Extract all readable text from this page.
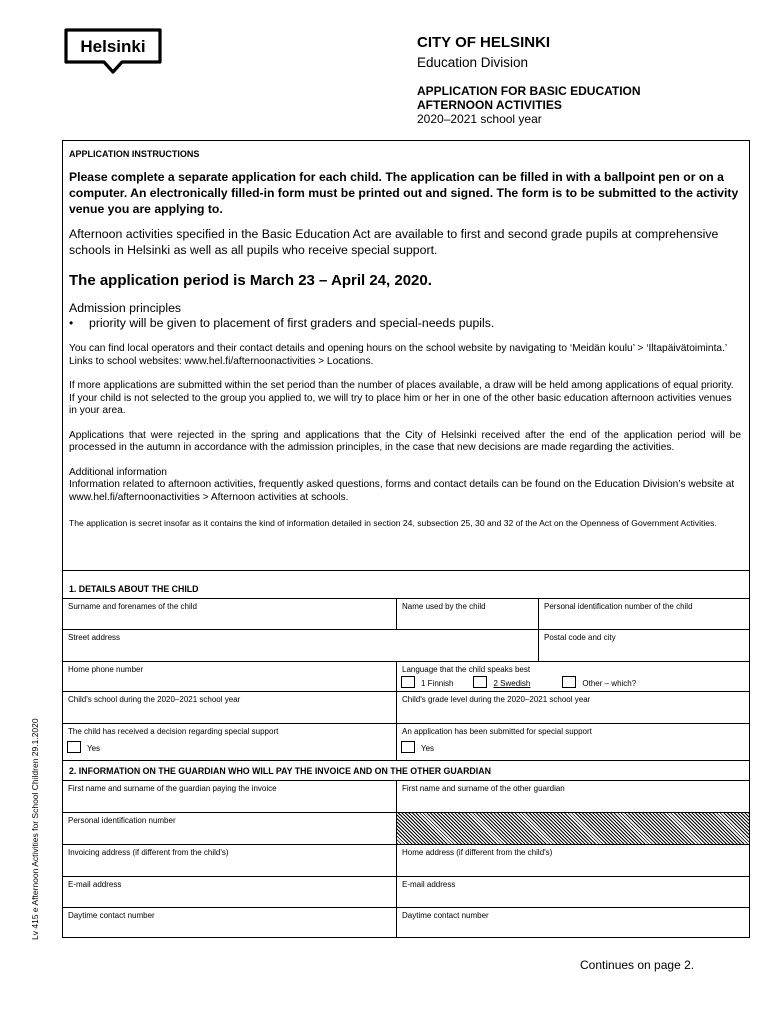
Helsinki	CITY OF HELSINKI
Education Division
APPLICATION FOR BASIC EDUCATION
AFTERNOON ACTIVITIES
2020–2021 school year
Lv 415 e Afternoon Activities for School Children 29.1.2020
APPLICATION INSTRUCTIONS
Please complete a separate application for each child. The application can be filled in with a ballpoint pen or on a computer. An electronically filled-in form must be printed out and signed. The form is to be submitted to the activity venue you are applying to.
Afternoon activities specified in the Basic Education Act are available to first and second grade pupils at comprehensive schools in Helsinki as well as all pupils who receive special support.
The application period is March 23 – April 24, 2020.
Admission principles
•	priority will be given to placement of first graders and special-needs pupils.
You can find local operators and their contact details and opening hours on the school website by navigating to ‘Meidän koulu’ > ‘Iltapäivätoiminta.’ Links to school websites: www.hel.fi/afternoonactivities > Locations.
If more applications are submitted within the set period than the number of places available, a draw will be held among applications of equal priority. If your child is not selected to the group you applied to, we will try to place him or her in one of the other basic education afternoon activities venues in your area.
Applications that were rejected in the spring and applications that the City of Helsinki received after the end of the application period will be processed in the autumn in accordance with the admission principles, in the case that new decisions are made regarding the activities.
Additional information
Information related to afternoon activities, frequently asked questions, forms and contact details can be found on the Education Division’s website at www.hel.fi/afternoonactivities > Afternoon activities at schools.
The application is secret insofar as it contains the kind of information detailed in section 24, subsection 25, 30 and 32 of the Act on the Openness of Government Activities.
1. DETAILS ABOUT THE CHILD
Surname and forenames of the child	Name used by the child	Personal identification number of the child
Street address	Postal code and city
Home phone number	Language that the child speaks best
1 Finnish	2 Swedish	Other – which?
Child's school during the 2020–2021 school year	Child's grade level during the 2020–2021 school year
The child has received a decision regarding special support
Yes
An application has been submitted for special support
Yes
2. INFORMATION ON THE GUARDIAN WHO WILL PAY THE INVOICE AND ON THE OTHER GUARDIAN
First name and surname of the guardian paying the invoice	First name and surname of the other guardian
Personal identification number
Invoicing address (if different from the child's)	Home address (if different from the child's)
E-mail address	E-mail address
Daytime contact number	Daytime contact number
Continues on page 2.
